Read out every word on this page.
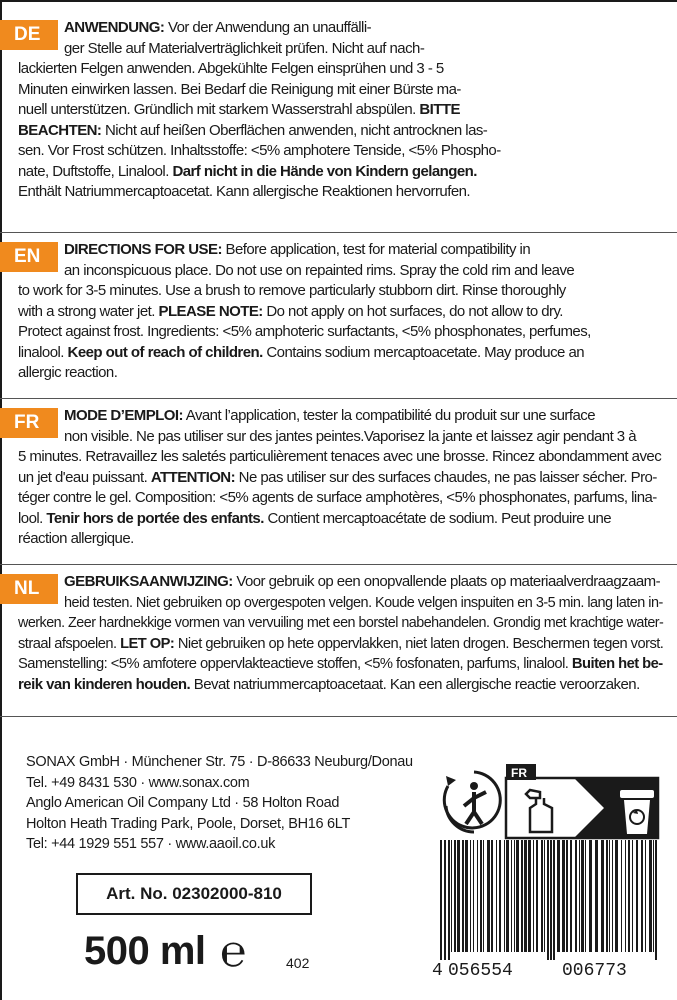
DE	ANWENDUNG: Vor der Anwendung an unauffälli-
ger Stelle auf Materialverträglichkeit prüfen. Nicht auf nach-
lackierten Felgen anwenden. Abgekühlte Felgen einsprühen und 3 - 5
Minuten einwirken lassen. Bei Bedarf die Reinigung mit einer Bürste ma-
nuell unterstützen. Gründlich mit starkem Wasserstrahl abspülen. BITTE
BEACHTEN: Nicht auf heißen Oberflächen anwenden, nicht antrocknen las-
sen. Vor Frost schützen. Inhaltsstoffe: <5% amphotere Tenside, <5% Phospho-
nate, Duftstoffe, Linalool. Darf nicht in die Hände von Kindern gelangen.
Enthält Natriummercaptoacetat. Kann allergische Reaktionen hervorrufen.
EN	DIRECTIONS FOR USE: Before application, test for material compatibility in
an inconspicuous place. Do not use on repainted rims. Spray the cold rim and leave
to work for 3-5 minutes. Use a brush to remove particularly stubborn dirt. Rinse thoroughly
with a strong water jet. PLEASE NOTE: Do not apply on hot surfaces, do not allow to dry.
Protect against frost. Ingredients: <5% amphoteric surfactants, <5% phosphonates, perfumes,
linalool. Keep out of reach of children. Contains sodium mercaptoacetate. May produce an
allergic reaction.
FR	MODE D’EMPLOI: Avant l’application, tester la compatibilité du produit sur une surface
non visible. Ne pas utiliser sur des jantes peintes.Vaporisez la jante et laissez agir pendant 3 à
5 minutes. Retravaillez les saletés particulièrement tenaces avec une brosse. Rincez abondamment avec
un jet d'eau puissant. ATTENTION: Ne pas utiliser sur des surfaces chaudes, ne pas laisser sécher. Pro-
téger contre le gel. Composition: <5% agents de surface amphotères, <5% phosphonates, parfums, lina-
lool. Tenir hors de portée des enfants. Contient mercaptoacétate de sodium. Peut produire une
réaction allergique.
NL	GEBRUIKSAANWIJZING: Voor gebruik op een onopvallende plaats op materiaalverdraagzaam-
heid testen. Niet gebruiken op overgespoten velgen. Koude velgen inspuiten en 3-5 min. lang laten in-
werken. Zeer hardnekkige vormen van vervuiling met een borstel nabehandelen. Grondig met krachtige water-
straal afspoelen. LET OP: Niet gebruiken op hete oppervlakken, niet laten drogen. Beschermen tegen vorst.
Samenstelling: <5% amfotere oppervlakteactieve stoffen, <5% fosfonaten, parfums, linalool. Buiten het be-
reik van kinderen houden. Bevat natriummercaptoacetaat. Kan een allergische reactie veroorzaken.
SONAX GmbH · Münchener Str. 75 · D-86633 Neuburg/Donau
Tel. +49 8431 530 · www.sonax.com
Anglo American Oil Company Ltd · 58 Holton Road
Holton Heath Trading Park, Poole, Dorset, BH16 6LT
Tel: +44 1929 551 557 · www.aaoil.co.uk
Art. No. 02302000-810
500 ml ℮	402
FR
4 056554	006773
